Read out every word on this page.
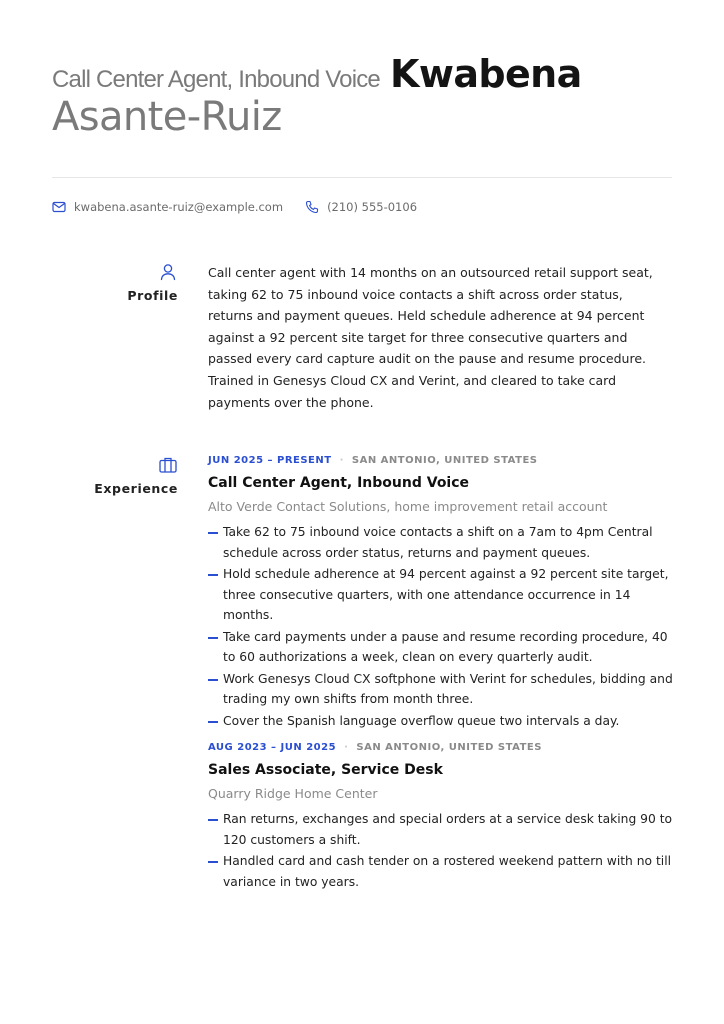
Call Center Agent, Inbound Voice Kwabena
Asante-Ruiz
kwabena.asante-ruiz@example.com	(210) 555-0106
Profile
Call center agent with 14 months on an outsourced retail support seat, taking 62 to 75 inbound voice contacts a shift across order status, returns and payment queues. Held schedule adherence at 94 percent against a 92 percent site target for three consecutive quarters and passed every card capture audit on the pause and resume procedure. Trained in Genesys Cloud CX and Verint, and cleared to take card payments over the phone.
Experience
JUN 2025 – PRESENT · SAN ANTONIO, UNITED STATES
Call Center Agent, Inbound Voice
Alto Verde Contact Solutions, home improvement retail account
Take 62 to 75 inbound voice contacts a shift on a 7am to 4pm Central schedule across order status, returns and payment queues.
Hold schedule adherence at 94 percent against a 92 percent site target, three consecutive quarters, with one attendance occurrence in 14 months.
Take card payments under a pause and resume recording procedure, 40 to 60 authorizations a week, clean on every quarterly audit.
Work Genesys Cloud CX softphone with Verint for schedules, bidding and trading my own shifts from month three.
Cover the Spanish language overflow queue two intervals a day.
AUG 2023 – JUN 2025 · SAN ANTONIO, UNITED STATES
Sales Associate, Service Desk
Quarry Ridge Home Center
Ran returns, exchanges and special orders at a service desk taking 90 to 120 customers a shift.
Handled card and cash tender on a rostered weekend pattern with no till variance in two years.
